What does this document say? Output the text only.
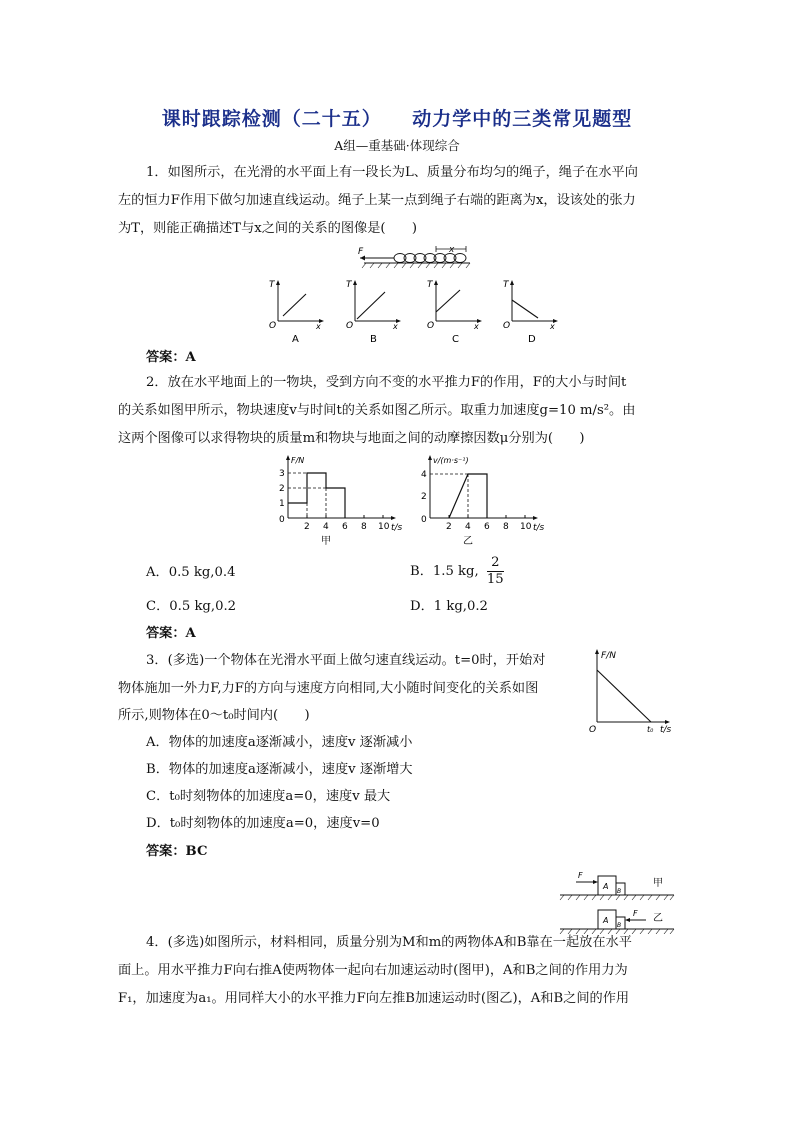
课时跟踪检测（二十五）    动力学中的三类常见题型
A组—重基础·体现综合
1．如图所示，在光滑的水平面上有一段长为L、质量分布均匀的绳子，绳子在水平向
左的恒力F作用下做匀加速直线运动。绳子上某一点到绳子右端的距离为x，设该处的张力
为T，则能正确描述T与x之间的关系的图像是(　　)
F	x
T
O	x
A
T
O	x
B
T
O	x
C
T
O	x
D
答案：A
2．放在水平地面上的一物块，受到方向不变的水平推力F的作用，F的大小与时间t
的关系如图甲所示，物块速度v与时间t的关系如图乙所示。取重力加速度g=10 m/s²。由
这两个图像可以求得物块的质量m和物块与地面之间的动摩擦因数μ分别为(　　)
F/N
t/s
0
2 4 6 8 10
1
2
3
甲
v/(m·s⁻¹)
t/s
0
2 4 6 8 10
2
4
乙
A．0.5 kg,0.4	B．1.5 kg, $\frac{2}{15}$
C．0.5 kg,0.2	D．1 kg,0.2
答案：A
3．(多选)一个物体在光滑水平面上做匀速直线运动。t=0时，开始对
物体施加一外力F,力F的方向与速度方向相同,大小随时间变化的关系如图
所示,则物体在0～t₀时间内(　　)
F/N
O	t₀ t/s
A．物体的加速度a逐渐减小，速度v 逐渐减小
B．物体的加速度a逐渐减小，速度v 逐渐增大
C．t₀时刻物体的加速度a=0，速度v 最大
D．t₀时刻物体的加速度a=0，速度v=0
答案：BC
F
A
B
甲
F
A
B
乙
4．(多选)如图所示，材料相同，质量分别为M和m的两物体A和B靠在一起放在水平
面上。用水平推力F向右推A使两物体一起向右加速运动时(图甲)，A和B之间的作用力为
F₁，加速度为a₁。用同样大小的水平推力F向左推B加速运动时(图乙)，A和B之间的作用
